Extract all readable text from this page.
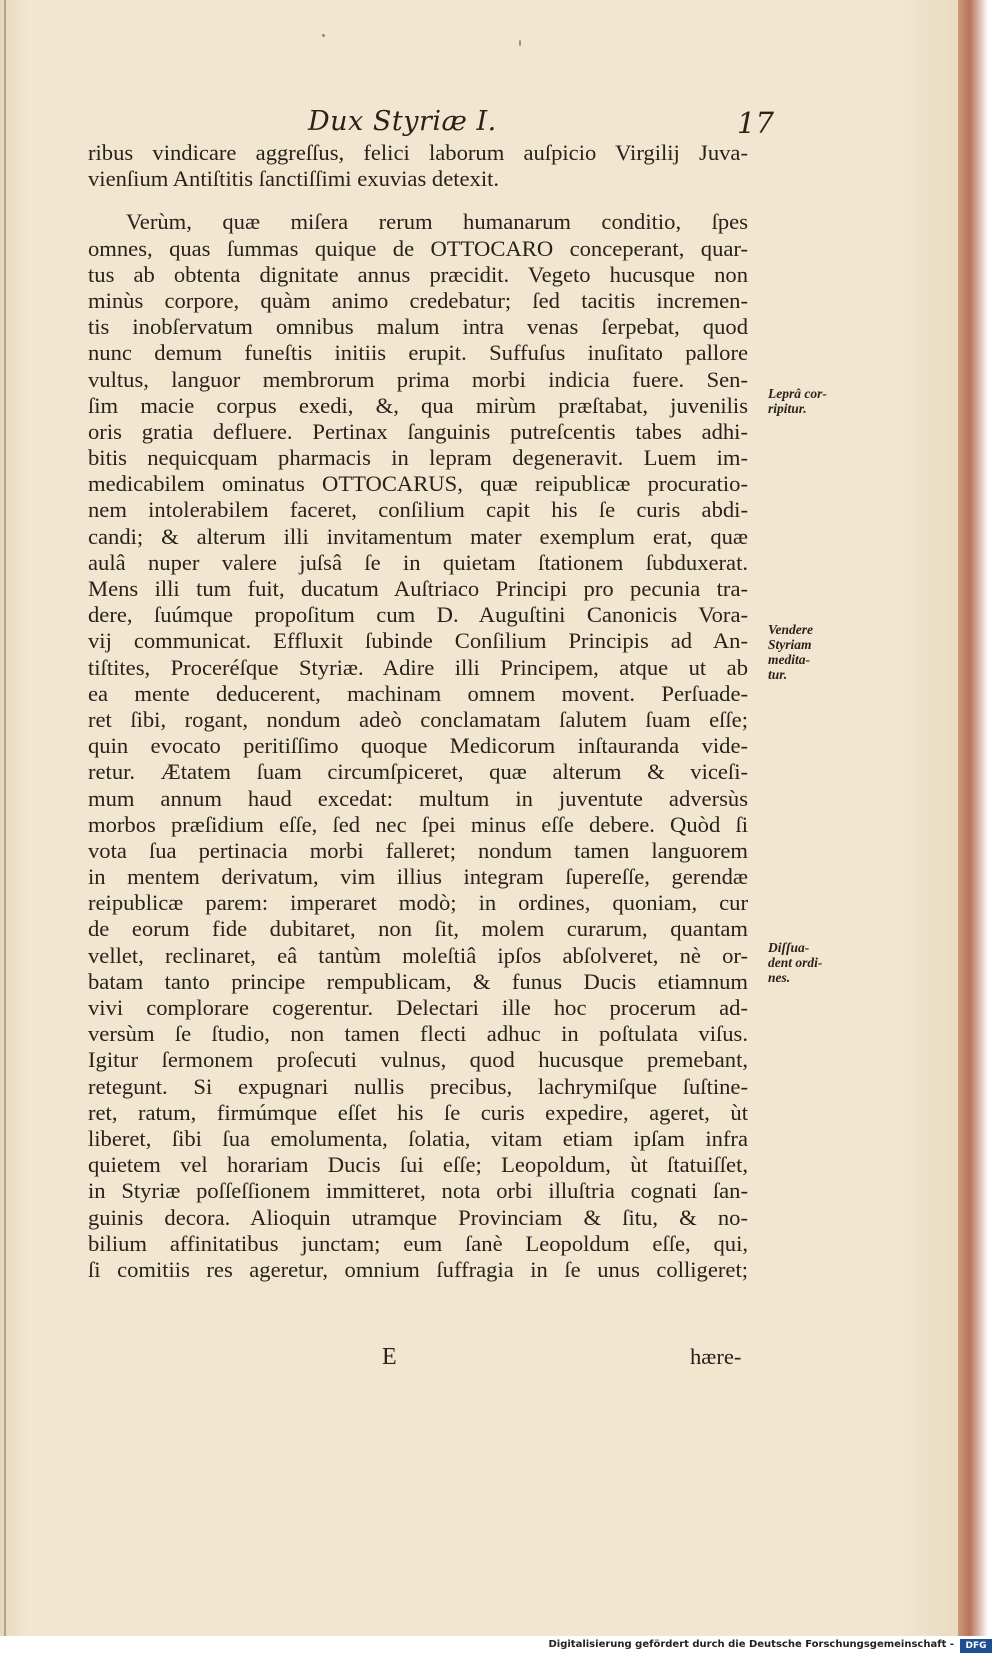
Dux Styriæ I.	17
ribus vindicare aggreſſus, felici laborum auſpicio Virgilij Juva-
vienſium Antiſtitis ſanctiſſimi exuvias detexit.
Verùm, quæ miſera rerum humanarum conditio, ſpes
omnes, quas ſummas quique de OTTOCARO conceperant, quar-
tus ab obtenta dignitate annus præcidit. Vegeto hucusque non
minùs corpore, quàm animo credebatur; ſed tacitis incremen-
tis inobſervatum omnibus malum intra venas ſerpebat, quod
nunc demum funeſtis initiis erupit. Suffuſus inuſitato pallore
vultus, languor membrorum prima morbi indicia fuere. Sen-
ſim macie corpus exedi, &, qua mirùm præſtabat, juvenilis
oris gratia defluere. Pertinax ſanguinis putreſcentis tabes adhi-
bitis nequicquam pharmacis in lepram degeneravit. Luem im-
medicabilem ominatus OTTOCARUS, quæ reipublicæ procuratio-
nem intolerabilem faceret, conſilium capit his ſe curis abdi-
candi; & alterum illi invitamentum mater exemplum erat, quæ
aulâ nuper valere juſsâ ſe in quietam ſtationem ſubduxerat.
Mens illi tum fuit, ducatum Auſtriaco Principi pro pecunia tra-
dere, ſuúmque propoſitum cum D. Auguſtini Canonicis Vora-
vij communicat. Effluxit ſubinde Conſilium Principis ad An-
tiſtites, Proceréſque Styriæ. Adire illi Principem, atque ut ab
ea mente deducerent, machinam omnem movent. Perſuade-
ret ſibi, rogant, nondum adeò conclamatam ſalutem ſuam eſſe;
quin evocato peritiſſimo quoque Medicorum inſtauranda vide-
retur. Ætatem ſuam circumſpiceret, quæ alterum & viceſi-
mum annum haud excedat: multum in juventute adversùs
morbos præſidium eſſe, ſed nec ſpei minus eſſe debere. Quòd ſi
vota ſua pertinacia morbi falleret; nondum tamen languorem
in mentem derivatum, vim illius integram ſupereſſe, gerendæ
reipublicæ parem: imperaret modò; in ordines, quoniam, cur
de eorum fide dubitaret, non ſit, molem curarum, quantam
vellet, reclinaret, eâ tantùm moleſtiâ ipſos abſolveret, nè or-
batam tanto principe rempublicam, & funus Ducis etiamnum
vivi complorare cogerentur. Delectari ille hoc procerum ad-
versùm ſe ſtudio, non tamen flecti adhuc in poſtulata viſus.
Igitur ſermonem proſecuti vulnus, quod hucusque premebant,
retegunt. Si expugnari nullis precibus, lachrymiſque ſuſtine-
ret, ratum, firmúmque eſſet his ſe curis expedire, ageret, ùt
liberet, ſibi ſua emolumenta, ſolatia, vitam etiam ipſam infra
quietem vel horariam Ducis ſui eſſe; Leopoldum, ùt ſtatuiſſet,
in Styriæ poſſeſſionem immitteret, nota orbi illuſtria cognati ſan-
guinis decora. Alioquin utramque Provinciam & ſitu, & no-
bilium affinitatibus junctam; eum ſanè Leopoldum eſſe, qui,
ſi comitiis res ageretur, omnium ſuffragia in ſe unus colligeret;
Leprâ cor-
ripitur.
Vendere
Styriam
medita-
tur.
Diſſua-
dent ordi-
nes.
E	hære-
Digitalisierung gefördert durch die Deutsche Forschungsgemeinschaft -	DFG
